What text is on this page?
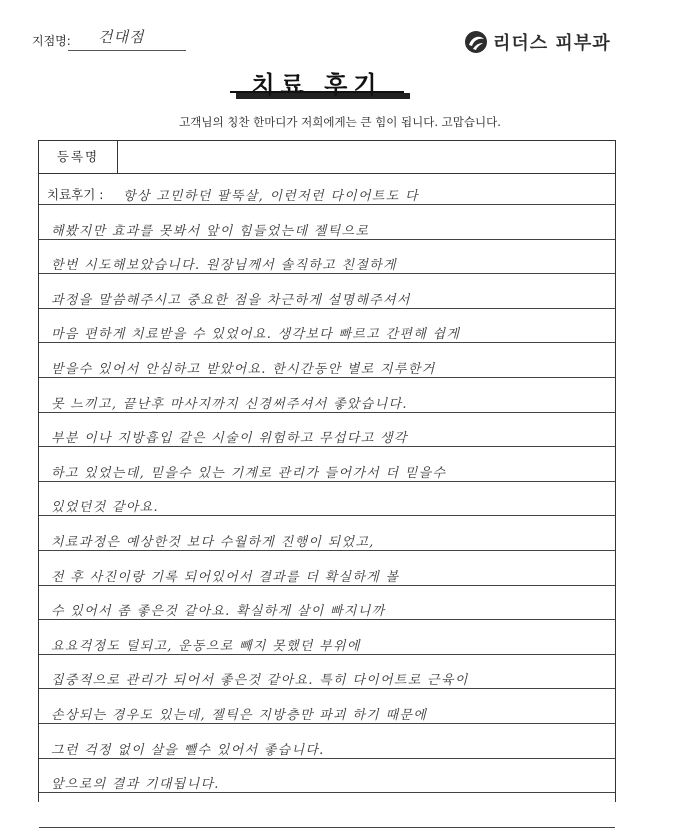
지점명: 건대점	리더스 피부과
치료 후기
고객님의 칭찬 한마디가 저희에게는 큰 힘이 됩니다. 고맙습니다.
등록명
치료후기 : 항상 고민하던 팔뚝살, 이런저런 다이어트도 다
해봤지만 효과를 못봐서 앞이 힘들었는데 젤틱으로
한번 시도해보았습니다. 원장님께서 솔직하고 친절하게
과정을 말씀해주시고 중요한 점을 차근하게 설명해주셔서
마음 편하게 치료받을 수 있었어요. 생각보다 빠르고 간편해 쉽게
받을수 있어서 안심하고 받았어요. 한시간동안 별로 지루한거
못 느끼고, 끝난후 마사지까지 신경써주셔서 좋았습니다.
부분 이나 지방흡입 같은 시술이 위험하고 무섭다고 생각
하고 있었는데, 믿을수 있는 기계로 관리가 들어가서 더 믿을수
있었던것 같아요.
치료과정은 예상한것 보다 수월하게 진행이 되었고,
전 후 사진이랑 기록 되어있어서 결과를 더 확실하게 볼
수 있어서 좀 좋은것 같아요. 확실하게 살이 빠지니까
요요걱정도 덜되고, 운동으로 빼지 못했던 부위에
집중적으로 관리가 되어서 좋은것 같아요. 특히 다이어트로 근육이
손상되는 경우도 있는데, 젤틱은 지방층만 파괴 하기 때문에
그런 걱정 없이 살을 뺄수 있어서 좋습니다.
앞으로의 결과 기대됩니다.
